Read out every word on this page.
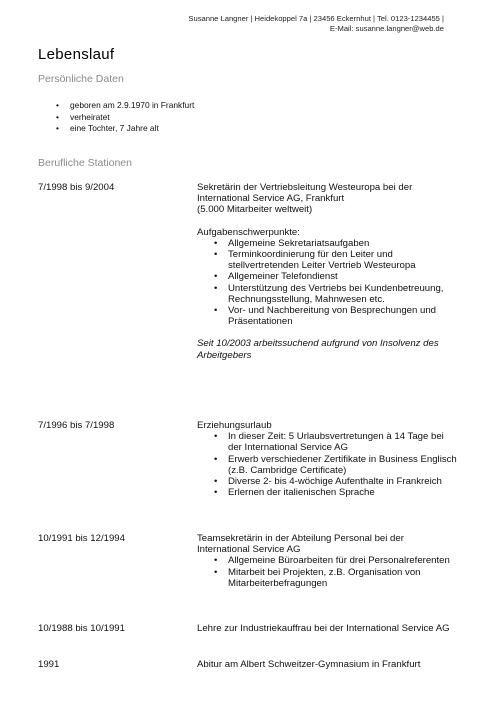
Susanne Langner | Heidekoppel 7a | 23456 Eckernhut | Tel. 0123-1234455 |
E-Mail: susanne.langner@web.de
Lebenslauf
Persönliche Daten
• geboren am 2.9.1970 in Frankfurt
• verheiratet
• eine Tochter, 7 Jahre alt
Berufliche Stationen
7/1998 bis 9/2004	Sekretärin der Vertriebsleitung Westeuropa bei der International Service AG, Frankfurt

(5.000 Mitarbeiter weltweit)

Aufgabenschwerpunkte:

• Allgemeine Sekretariatsaufgaben
• Terminkoordinierung für den Leiter und stellvertretenden Leiter Vertrieb Westeuropa
• Allgemeiner Telefondienst
• Unterstützung des Vertriebs bei Kundenbetreuung, Rechnungsstellung, Mahnwesen etc.
• Vor- und Nachbereitung von Besprechungen und Präsentationen

Seit 10/2003 arbeitssuchend aufgrund von Insolvenz des Arbeitgebers

7/1996 bis 7/1998	Erziehungsurlaub

• In dieser Zeit: 5 Urlaubsvertretungen à 14 Tage bei der International Service AG
• Erwerb verschiedener Zertifikate in Business Englisch (z.B. Cambridge Certificate)
• Diverse 2- bis 4-wöchige Aufenthalte in Frankreich
• Erlernen der italienischen Sprache
10/1991 bis 12/1994	Teamsekretärin in der Abteilung Personal bei der International Service AG

• Allgemeine Büroarbeiten für drei Personalreferenten
• Mitarbeit bei Projekten, z.B. Organisation von Mitarbeiterbefragungen
10/1988 bis 10/1991	Lehre zur Industriekauffrau bei der International Service AG

1991	Abitur am Albert Schweitzer-Gymnasium in Frankfurt
